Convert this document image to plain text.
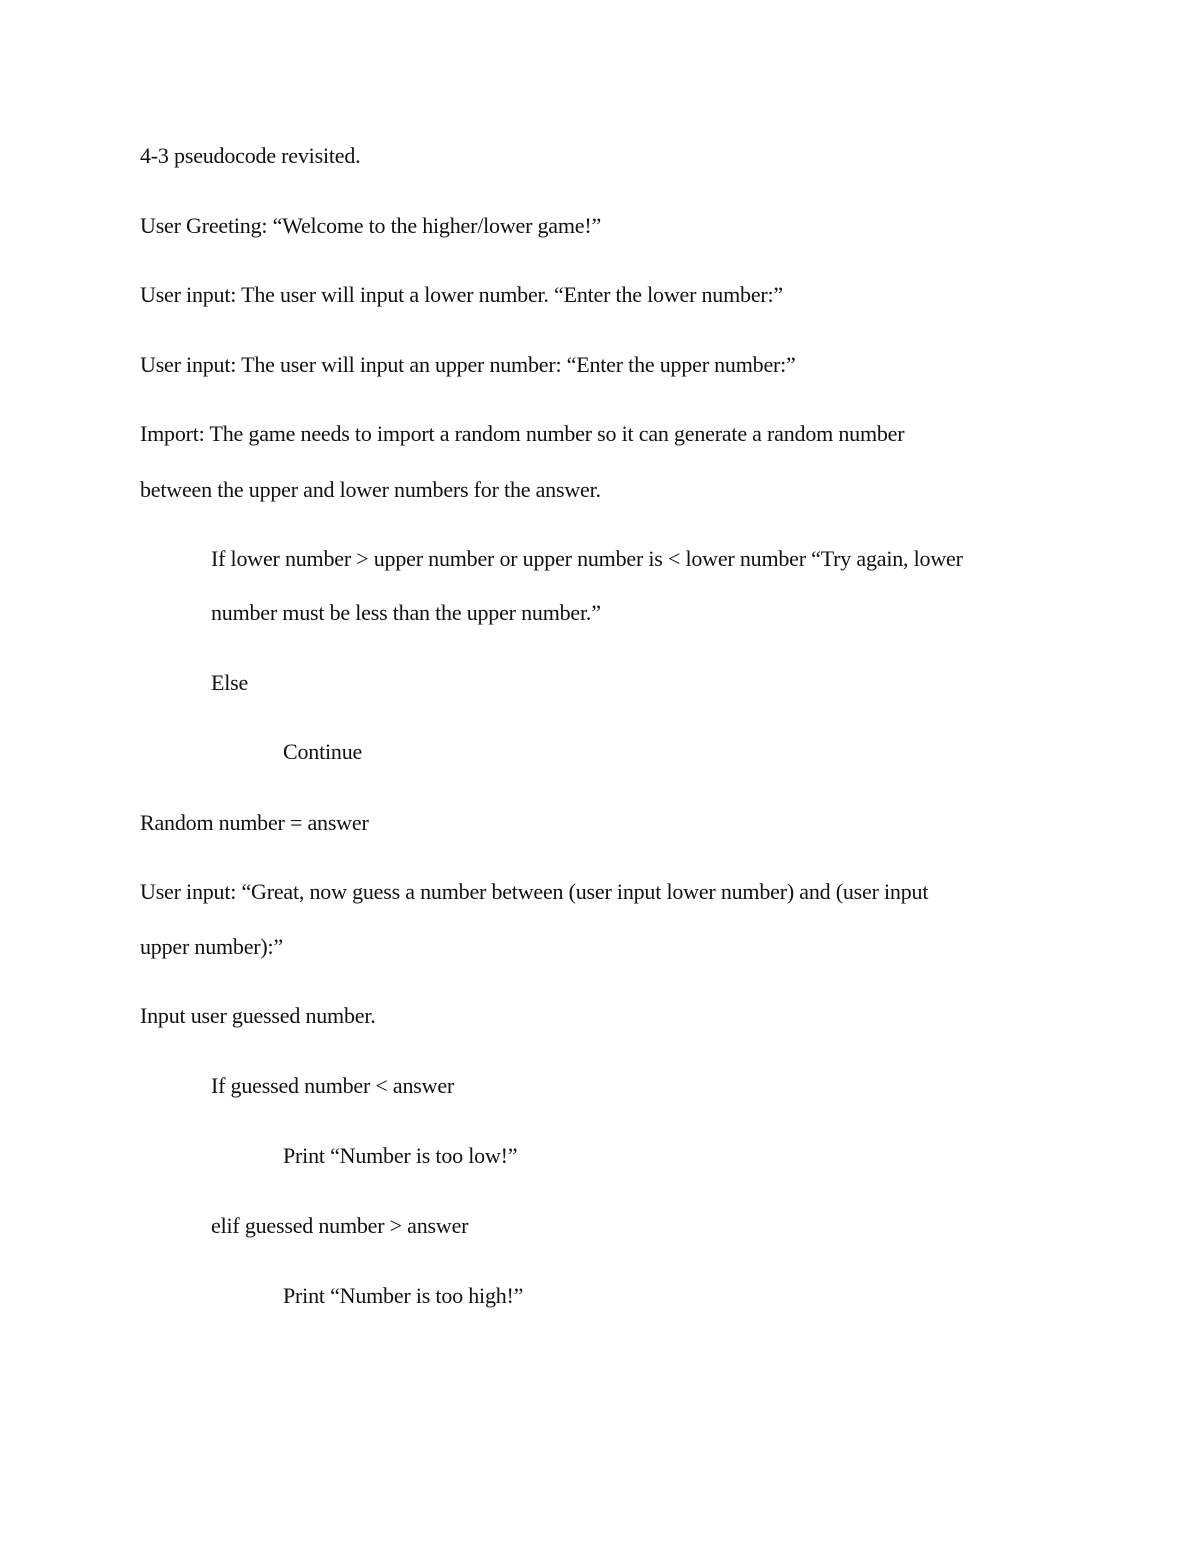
4-3 pseudocode revisited.
User Greeting: “Welcome to the higher/lower game!”
User input: The user will input a lower number. “Enter the lower number:”
User input: The user will input an upper number: “Enter the upper number:”
Import: The game needs to import a random number so it can generate a random number
between the upper and lower numbers for the answer.
If lower number > upper number or upper number is < lower number “Try again, lower
number must be less than the upper number.”
Else
Continue
Random number = answer
User input: “Great, now guess a number between (user input lower number) and (user input
upper number):”
Input user guessed number.
If guessed number < answer
Print “Number is too low!”
elif guessed number > answer
Print “Number is too high!”
